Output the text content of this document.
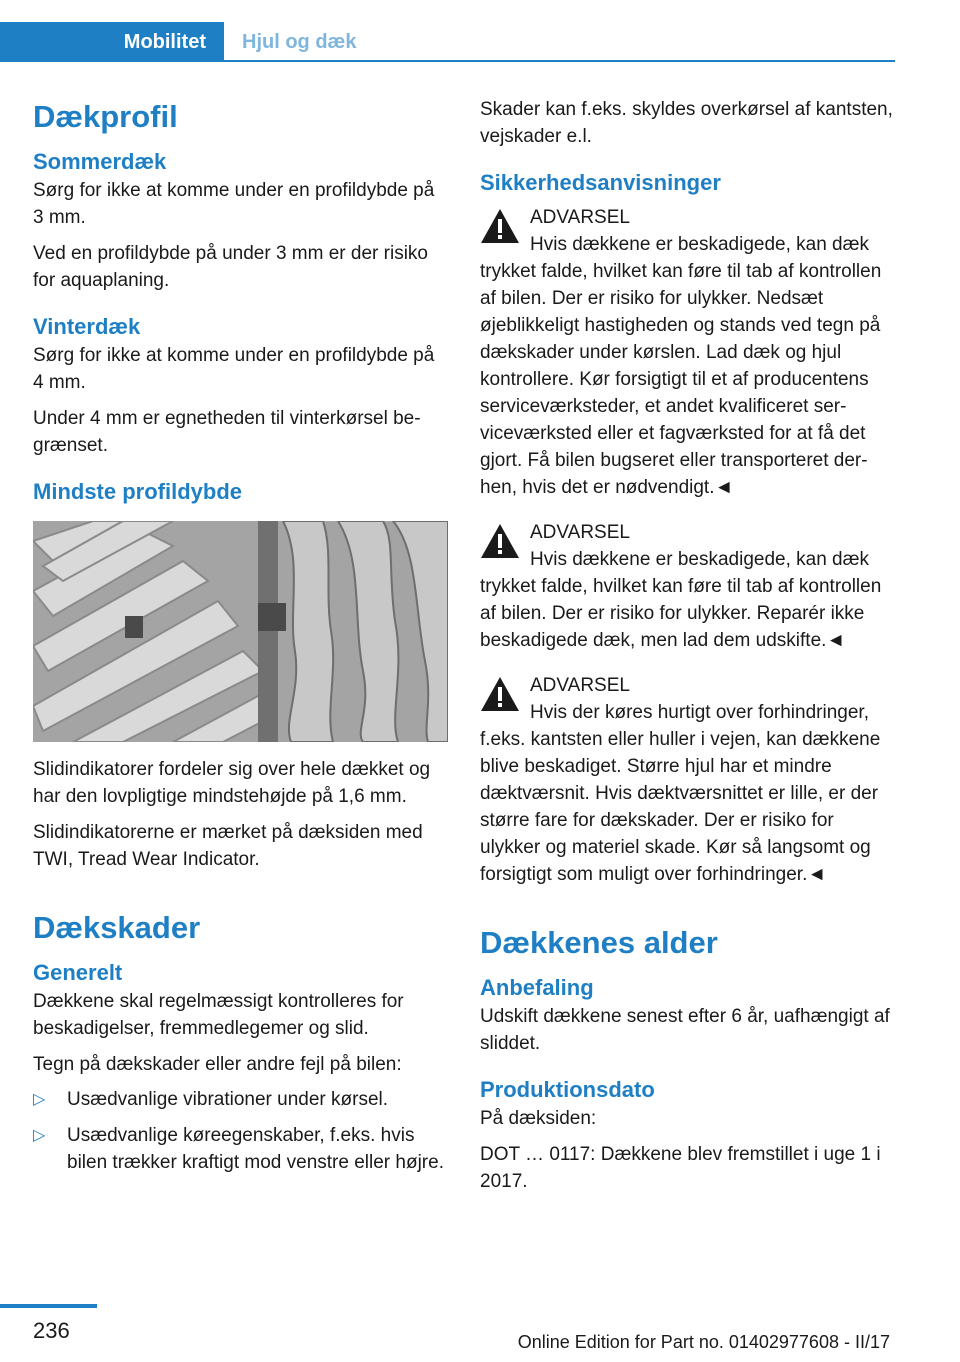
Mobilitet Hjul og dæk
Dækprofil
Sommerdæk

Sørg for ikke at komme under en profildybde på 3 mm.

Ved en profildybde på under 3 mm er der risiko for aquaplaning.

Vinterdæk

Sørg for ikke at komme under en profildybde på 4 mm.

Under 4 mm er egnetheden til vinterkørsel begrænset.

Mindste profildybde

Slidindikatorer fordeler sig over hele dækket og har den lovpligtige mindstehøjde på 1,6 mm.

Slidindikatorerne er mærket på dæksiden med TWI, Tread Wear Indicator.

Dækskader
Generelt

Dækkene skal regelmæssigt kontrolleres for beskadigelser, fremmedlegemer og slid.

Tegn på dækskader eller andre fejl på bilen:

▷ Usædvanlige vibrationer under kørsel.
▷ Usædvanlige køreegenskaber, f.eks. hvis bilen trækker kraftigt mod venstre eller højre.

Skader kan f.eks. skyldes overkørsel af kantsten, vejskader e.l.

Sikkerhedsanvisninger
ADVARSEL
Hvis dækkene er beskadigede, kan dæk
trykket falde, hvilket kan føre til tab af kontrollen af bilen. Der er risiko for ulykker. Nedsæt øjeblikkeligt hastigheden og stands ved tegn på dækskader under kørslen. Lad dæk og hjul kontrollere. Kør forsigtigt til et af producentens serviceværksteder, et andet kvalificeret serviceværksted eller et fagværksted for at få det gjort. Få bilen bugseret eller transporteret derhen, hvis det er nødvendigt.◄
ADVARSEL
Hvis dækkene er beskadigede, kan dæk
trykket falde, hvilket kan føre til tab af kontrollen af bilen. Der er risiko for ulykker. Reparér ikke beskadigede dæk, men lad dem udskifte.◄
ADVARSEL
Hvis der køres hurtigt over forhindringer,
f.eks. kantsten eller huller i vejen, kan dækkene blive beskadiget. Større hjul har et mindre dæktværsnit. Hvis dæktværsnittet er lille, er der større fare for dækskader. Der er risiko for ulykker og materiel skade. Kør så langsomt og forsigtigt som muligt over forhindringer.◄
Dækkenes alder
Anbefaling

Udskift dækkene senest efter 6 år, uafhængigt af sliddet.

Produktionsdato

På dæksiden:

DOT … 0117: Dækkene blev fremstillet i uge 1 i 2017.

236	Online Edition for Part no. 01402977608 - II/17
